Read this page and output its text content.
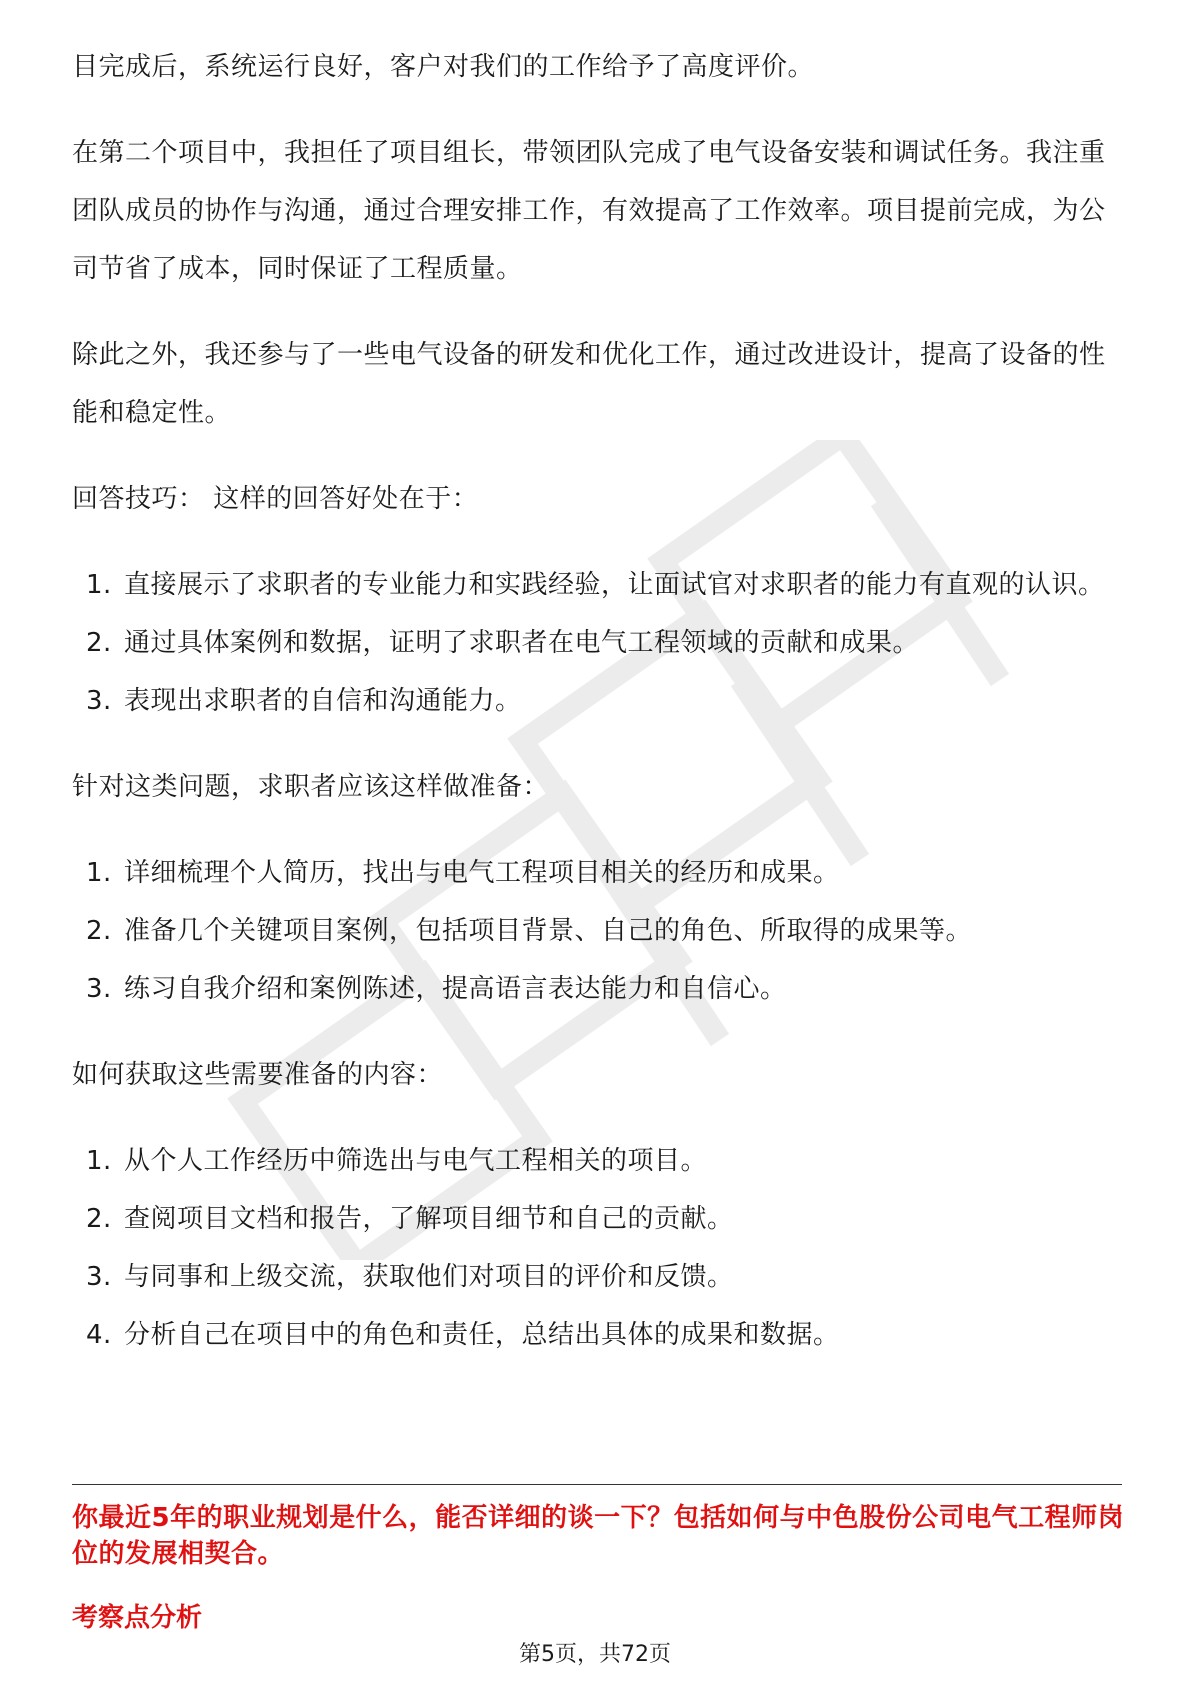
目完成后，系统运行良好，客户对我们的工作给予了高度评价。

在第二个项目中，我担任了项目组长，带领团队完成了电气设备安装和调试任务。我注重团队成员的协作与沟通，通过合理安排工作，有效提高了工作效率。项目提前完成，为公司节省了成本，同时保证了工程质量。

除此之外，我还参与了一些电气设备的研发和优化工作，通过改进设计，提高了设备的性能和稳定性。

回答技巧： 这样的回答好处在于：

1. 直接展示了求职者的专业能力和实践经验，让面试官对求职者的能力有直观的认识。
2. 通过具体案例和数据，证明了求职者在电气工程领域的贡献和成果。
3. 表现出求职者的自信和沟通能力。

针对这类问题，求职者应该这样做准备：

1. 详细梳理个人简历，找出与电气工程项目相关的经历和成果。
2. 准备几个关键项目案例，包括项目背景、自己的角色、所取得的成果等。
3. 练习自我介绍和案例陈述，提高语言表达能力和自信心。

如何获取这些需要准备的内容：

1. 从个人工作经历中筛选出与电气工程相关的项目。
2. 查阅项目文档和报告，了解项目细节和自己的贡献。
3. 与同事和上级交流，获取他们对项目的评价和反馈。
4. 分析自己在项目中的角色和责任，总结出具体的成果和数据。
你最近5年的职业规划是什么，能否详细的谈一下？包括如何与中色股份公司电气工程师岗位的发展相契合。
考察点分析
第5页，共72页
